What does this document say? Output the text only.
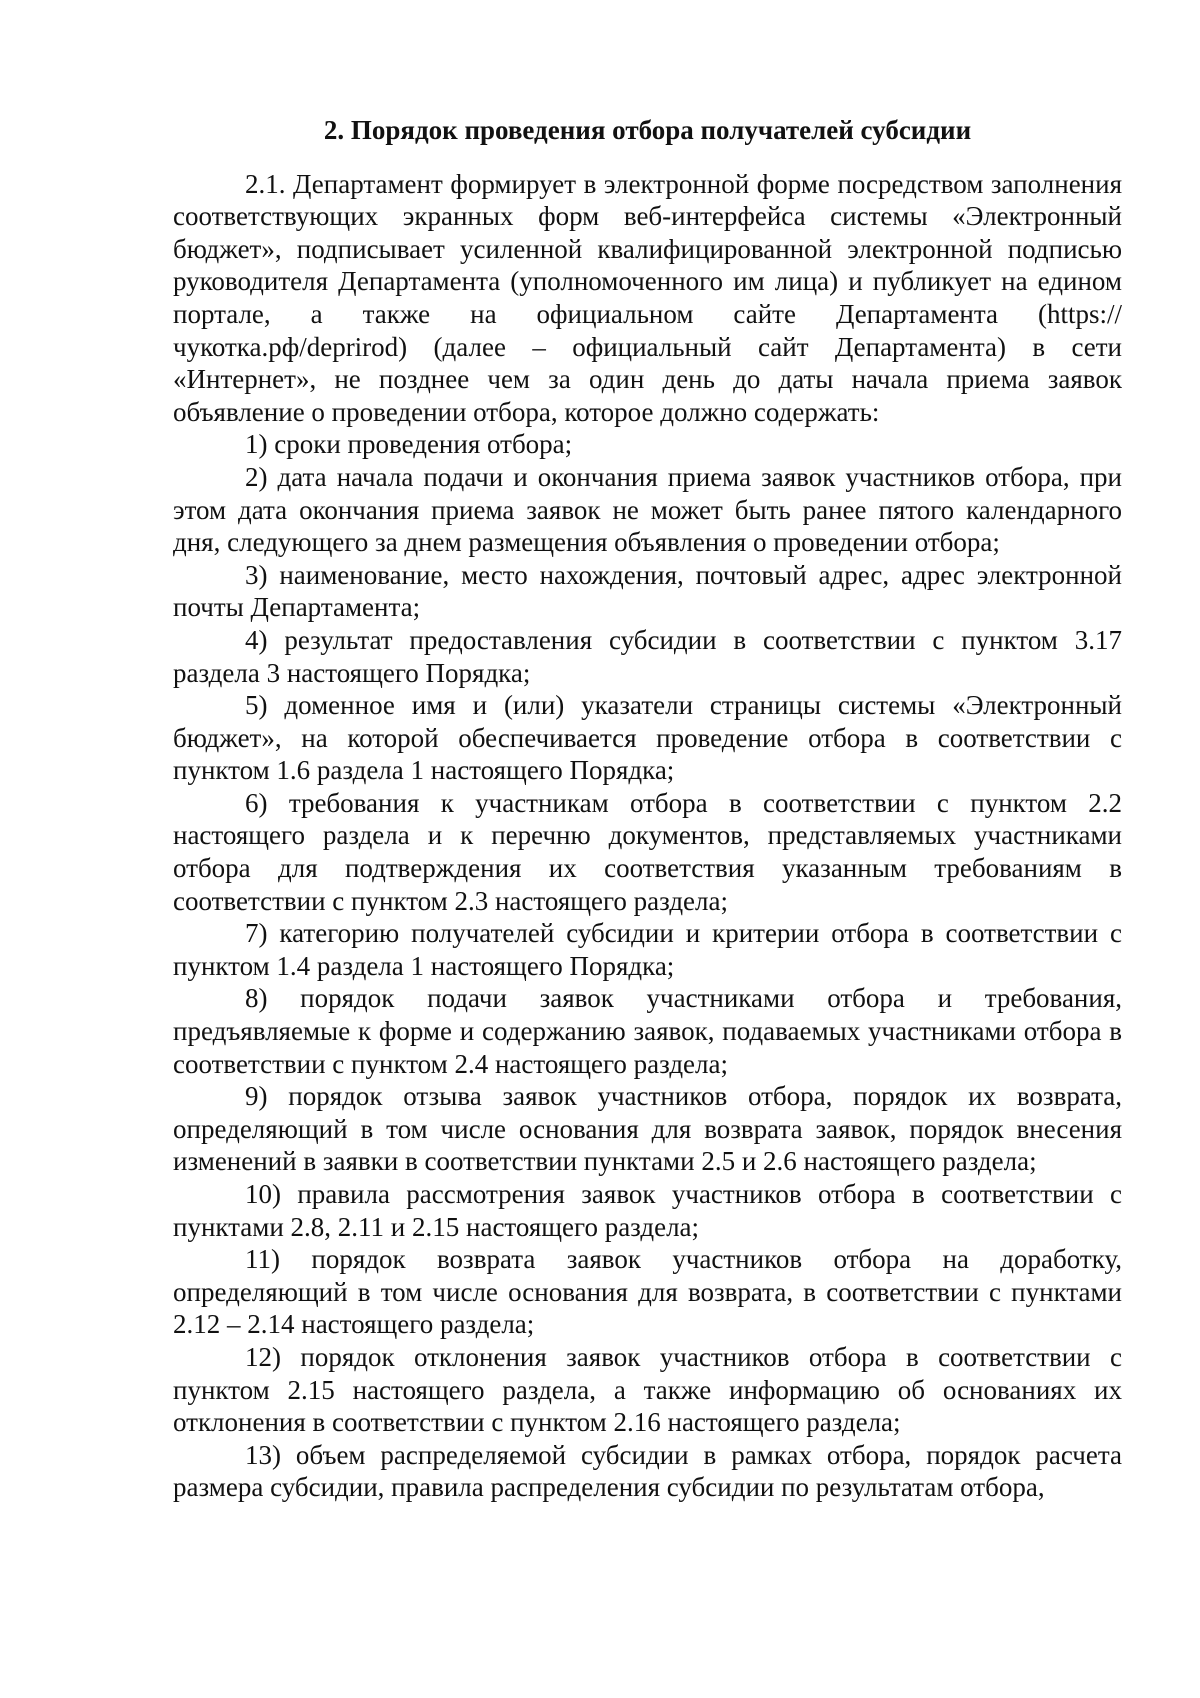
2. Порядок проведения отбора получателей субсидии

2.1. Департамент формирует в электронной форме посредством заполнения соответствующих экранных форм веб-интерфейса системы «Электронный бюджет», подписывает усиленной квалифицированной электронной подписью руководителя Департамента (уполномоченного им лица) и публикует на едином портале, а также на официальном сайте Департамента (https://чукотка.рф/deprirod) (далее – официальный сайт Департамента) в сети «Интернет», не позднее чем за один день до даты начала приема заявок объявление о проведении отбора, которое должно содержать:

1) сроки проведения отбора;

2) дата начала подачи и окончания приема заявок участников отбора, при этом дата окончания приема заявок не может быть ранее пятого календарного дня, следующего за днем размещения объявления о проведении отбора;

3) наименование, место нахождения, почтовый адрес, адрес электронной почты Департамента;

4) результат предоставления субсидии в соответствии с пунктом 3.17 раздела 3 настоящего Порядка;

5) доменное имя и (или) указатели страницы системы «Электронный бюджет», на которой обеспечивается проведение отбора в соответствии с пунктом 1.6 раздела 1 настоящего Порядка;

6) требования к участникам отбора в соответствии с пунктом 2.2 настоящего раздела и к перечню документов, представляемых участниками отбора для подтверждения их соответствия указанным требованиям в соответствии с пунктом 2.3 настоящего раздела;

7) категорию получателей субсидии и критерии отбора в соответствии с пунктом 1.4 раздела 1 настоящего Порядка;

8) порядок подачи заявок участниками отбора и требования, предъявляемые к форме и содержанию заявок, подаваемых участниками отбора в соответствии с пунктом 2.4 настоящего раздела;

9) порядок отзыва заявок участников отбора, порядок их возврата, определяющий в том числе основания для возврата заявок, порядок внесения изменений в заявки в соответствии пунктами 2.5 и 2.6 настоящего раздела;

10) правила рассмотрения заявок участников отбора в соответствии с пунктами 2.8, 2.11 и 2.15 настоящего раздела;

11) порядок возврата заявок участников отбора на доработку, определяющий в том числе основания для возврата, в соответствии с пунктами 2.12 – 2.14 настоящего раздела;

12) порядок отклонения заявок участников отбора в соответствии с пунктом 2.15 настоящего раздела, а также информацию об основаниях их отклонения в соответствии с пунктом 2.16 настоящего раздела;

13) объем распределяемой субсидии в рамках отбора, порядок расчета размера субсидии, правила распределения субсидии по результатам отбора,
